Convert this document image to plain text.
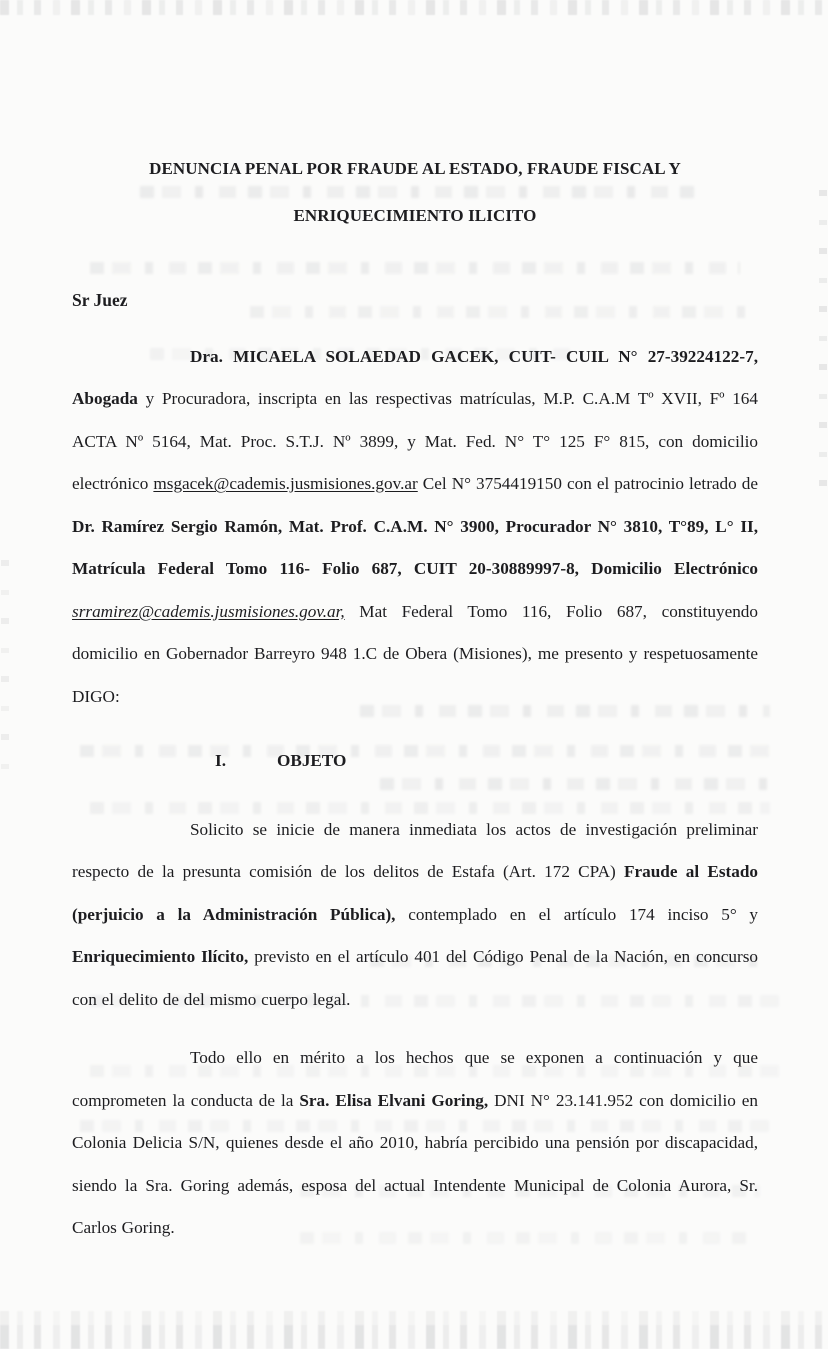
DENUNCIA PENAL POR FRAUDE AL ESTADO, FRAUDE FISCAL Y
ENRIQUECIMIENTO ILICITO
Sr Juez

Dra. MICAELA SOLAEDAD GACEK, CUIT- CUIL N° 27-39224122-7, Abogada y Procuradora, inscripta en las respectivas matrículas, M.P. C.A.M Tº XVII, Fº 164 ACTA Nº 5164, Mat. Proc. S.T.J. Nº 3899, y Mat. Fed. N° T° 125 F° 815, con domicilio electrónico msgacek@cademis.jusmisiones.gov.ar Cel N° 3754419150 con el patrocinio letrado de Dr. Ramírez Sergio Ramón, Mat. Prof. C.A.M. N° 3900, Procurador N° 3810, T°89, L° II, Matrícula Federal Tomo 116- Folio 687, CUIT 20-30889997-8, Domicilio Electrónico srramirez@cademis.jusmisiones.gov.ar, Mat Federal Tomo 116, Folio 687, constituyendo domicilio en Gobernador Barreyro 948 1.C de Obera (Misiones), me presento y respetuosamente DIGO:

I.	OBJETO

Solicito se inicie de manera inmediata los actos de investigación preliminar respecto de la presunta comisión de los delitos de Estafa (Art. 172 CPA) Fraude al Estado (perjuicio a la Administración Pública), contemplado en el artículo 174 inciso 5° y Enriquecimiento Ilícito, previsto en el artículo 401 del Código Penal de la Nación, en concurso con el delito de del mismo cuerpo legal.

Todo ello en mérito a los hechos que se exponen a continuación y que comprometen la conducta de la Sra. Elisa Elvani Goring, DNI N° 23.141.952 con domicilio en Colonia Delicia S/N, quienes desde el año 2010, habría percibido una pensión por discapacidad, siendo la Sra. Goring además, esposa del actual Intendente Municipal de Colonia Aurora, Sr. Carlos Goring.
